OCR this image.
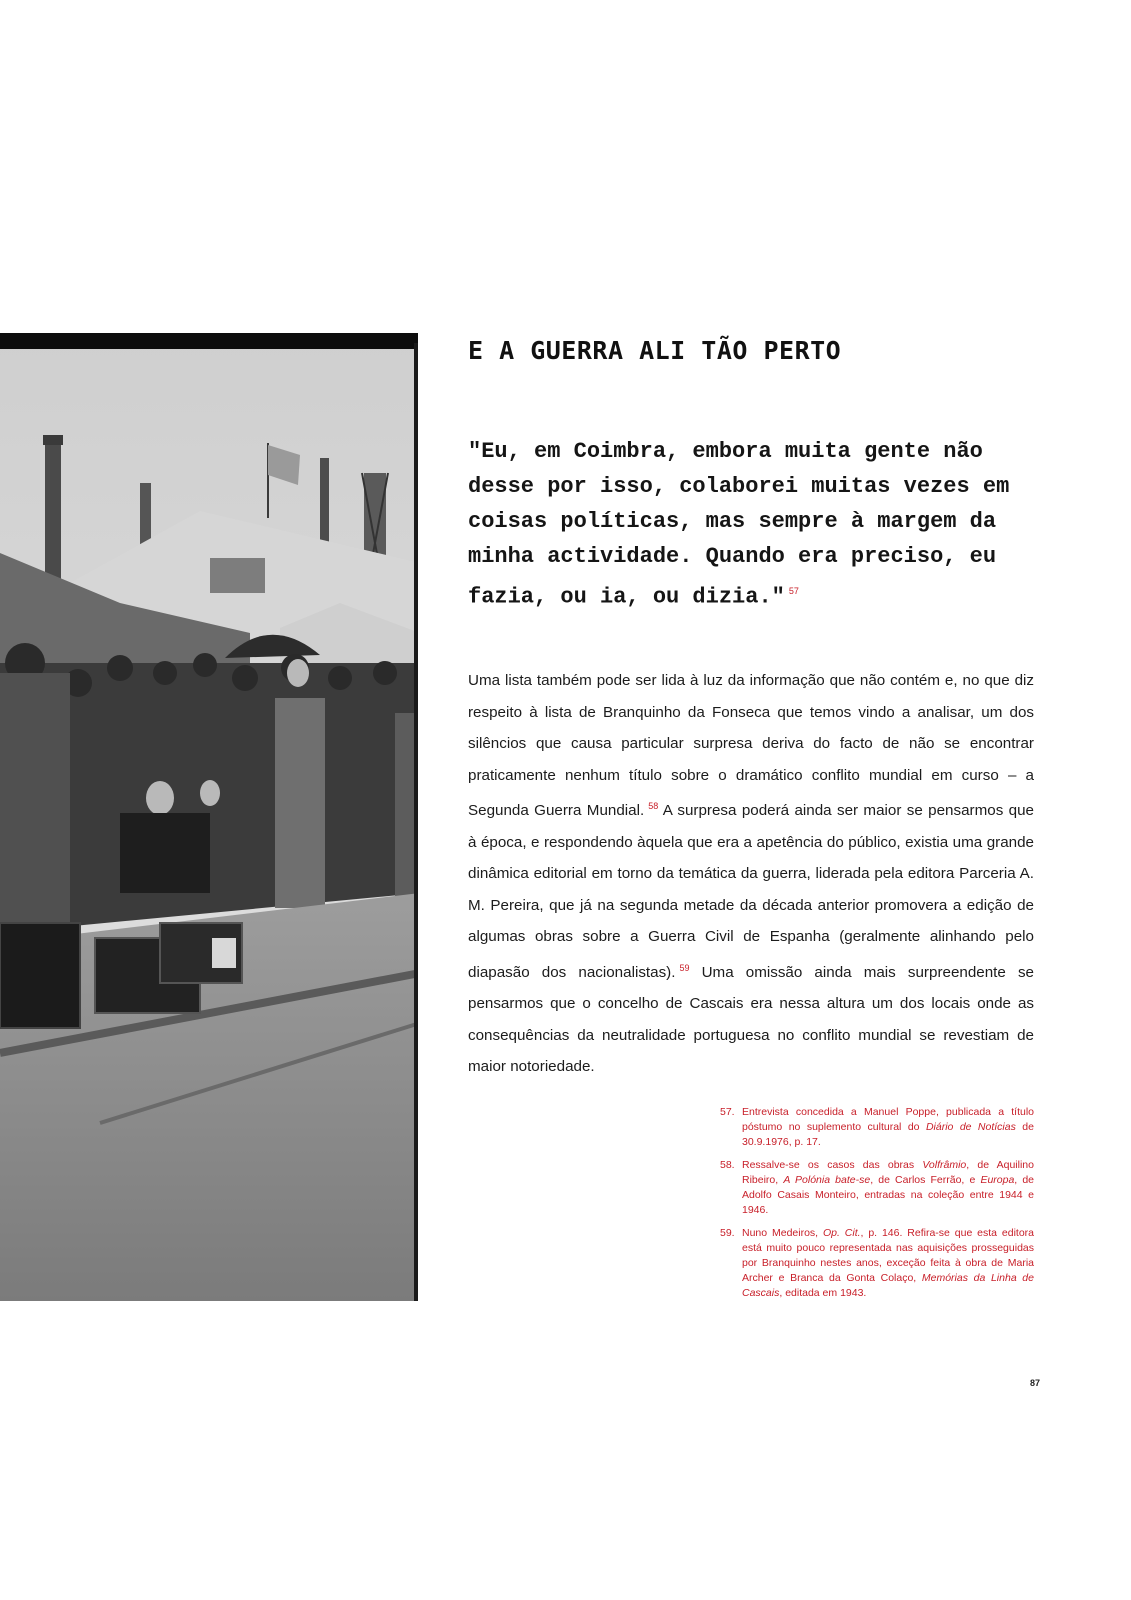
E A GUERRA ALI TÃO PERTO

"Eu, em Coimbra, embora muita gente não desse por isso, colaborei muitas vezes em coisas políticas, mas sempre à margem da minha actividade. Quando era preciso, eu fazia, ou ia, ou dizia." $^{57}$

Uma lista também pode ser lida à luz da informação que não contém e, no que diz respeito à lista de Branquinho da Fonseca que temos vindo a analisar, um dos silêncios que causa particular surpresa deriva do facto de não se encontrar praticamente nenhum título sobre o dramático conflito mundial em curso – a Segunda Guerra Mundial. $^{58}$ A surpresa poderá ainda ser maior se pensarmos que à época, e respondendo àquela que era a apetência do público, existia uma grande dinâmica editorial em torno da temática da guerra, liderada pela editora Parceria A. M. Pereira, que já na segunda metade da década anterior promovera a edição de algumas obras sobre a Guerra Civil de Espanha (geralmente alinhando pelo diapasão dos nacionalistas). $^{59}$ Uma omissão ainda mais surpreendente se pensarmos que o concelho de Cascais era nessa altura um dos locais onde as consequências da neutralidade portuguesa no conflito mundial se revestiam de maior notoriedade.

57. Entrevista concedida a Manuel Poppe, publicada a título póstumo no suplemento cultural do Diário de Notícias de 30.9.1976, p. 17.
58. Ressalve-se os casos das obras Volfrâmio, de Aquilino Ribeiro, A Polónia bate-se, de Carlos Ferrão, e Europa, de Adolfo Casais Monteiro, entradas na coleção entre 1944 e 1946.
59. Nuno Medeiros, Op. Cit., p. 146. Refira-se que esta editora está muito pouco representada nas aquisições prosseguidas por Branquinho nestes anos, exceção feita à obra de Maria Archer e Branca da Gonta Colaço, Memórias da Linha de Cascais, editada em 1943.
87
